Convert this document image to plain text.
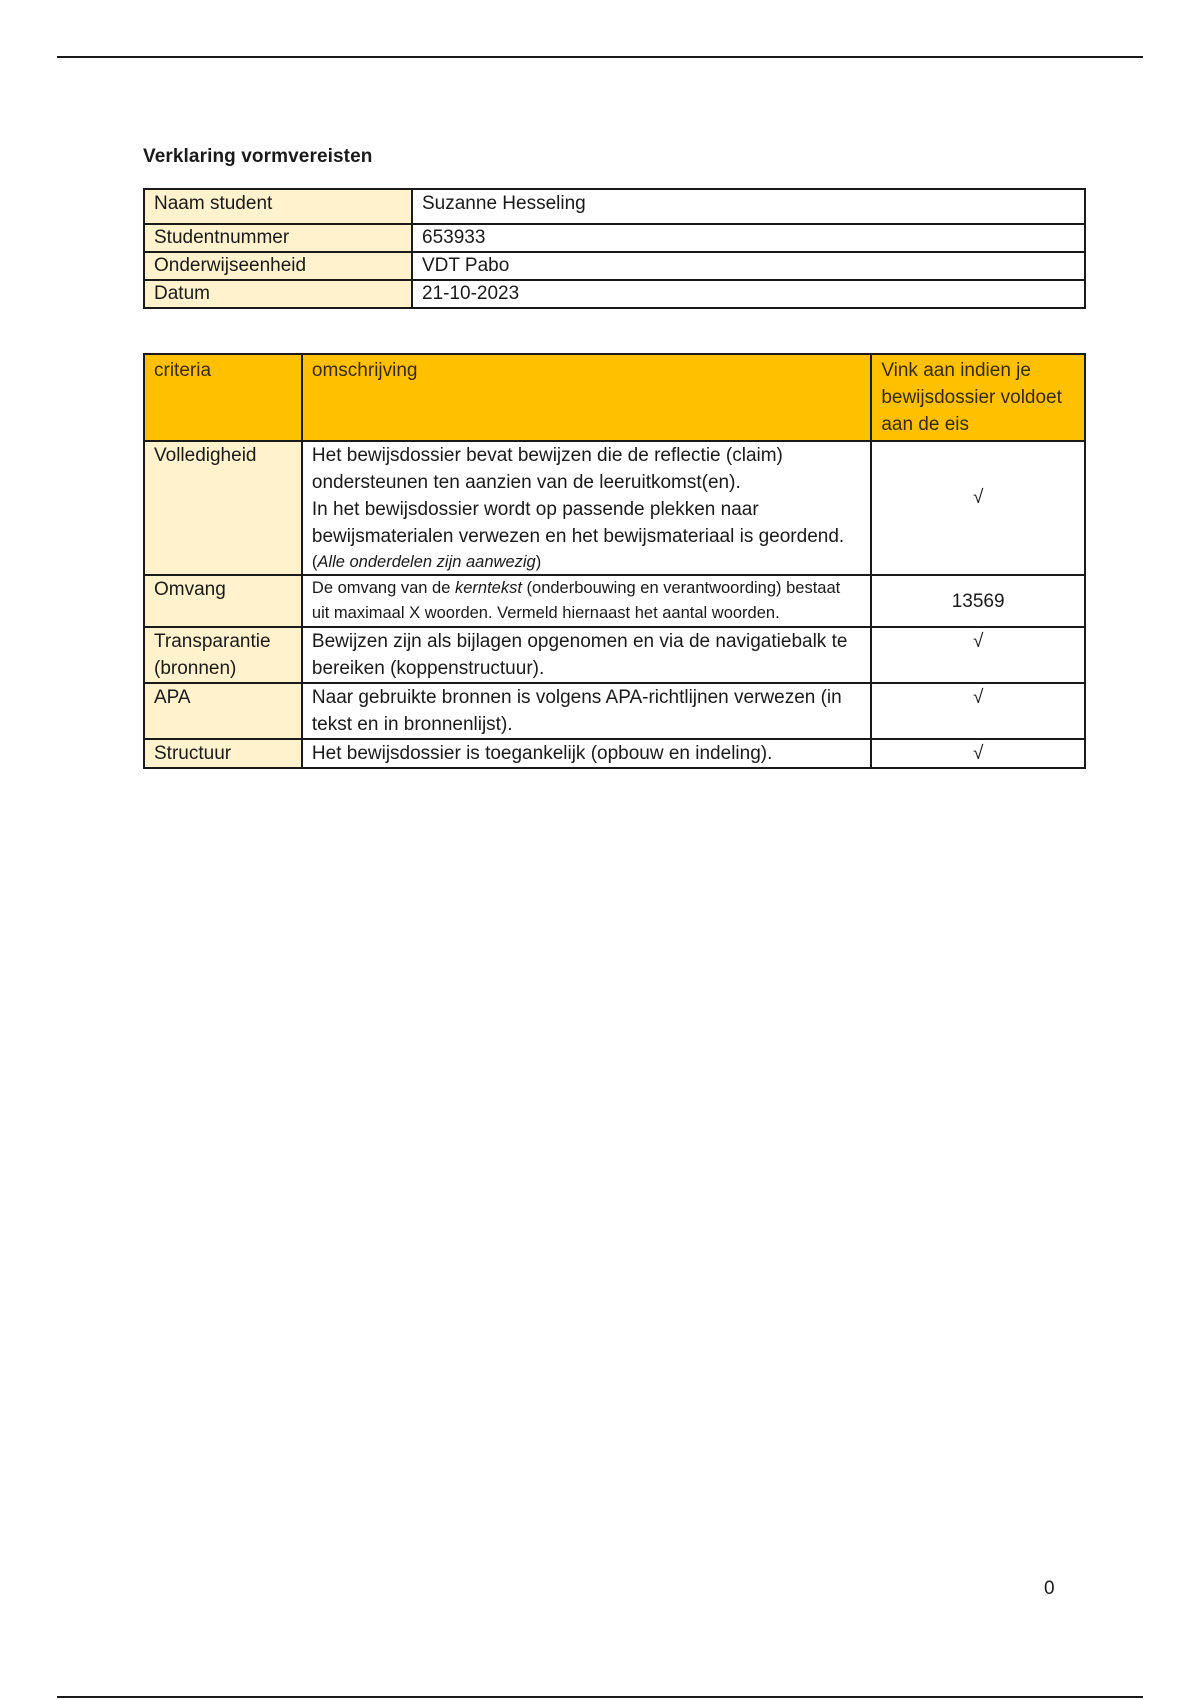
Verklaring vormvereisten
Naam student	Suzanne Hesseling
Studentnummer	653933
Onderwijseenheid	VDT Pabo
Datum	21-10-2023
criteria	omschrijving	Vink aan indien je bewijsdossier voldoet aan de eis
Volledigheid	Het bewijsdossier bevat bewijzen die de reflectie (claim) ondersteunen ten aanzien van de leeruitkomst(en).
In het bewijsdossier wordt op passende plekken naar bewijsmaterialen verwezen en het bewijsmateriaal is geordend.
(Alle onderdelen zijn aanwezig)	√
Omvang	De omvang van de kerntekst (onderbouwing en verantwoording) bestaat uit maximaal X woorden. Vermeld hiernaast het aantal woorden.	13569
Transparantie (bronnen)	Bewijzen zijn als bijlagen opgenomen en via de navigatiebalk te bereiken (koppenstructuur).	√
APA	Naar gebruikte bronnen is volgens APA-richtlijnen verwezen (in tekst en in bronnenlijst).	√
Structuur	Het bewijsdossier is toegankelijk (opbouw en indeling).	√
0
